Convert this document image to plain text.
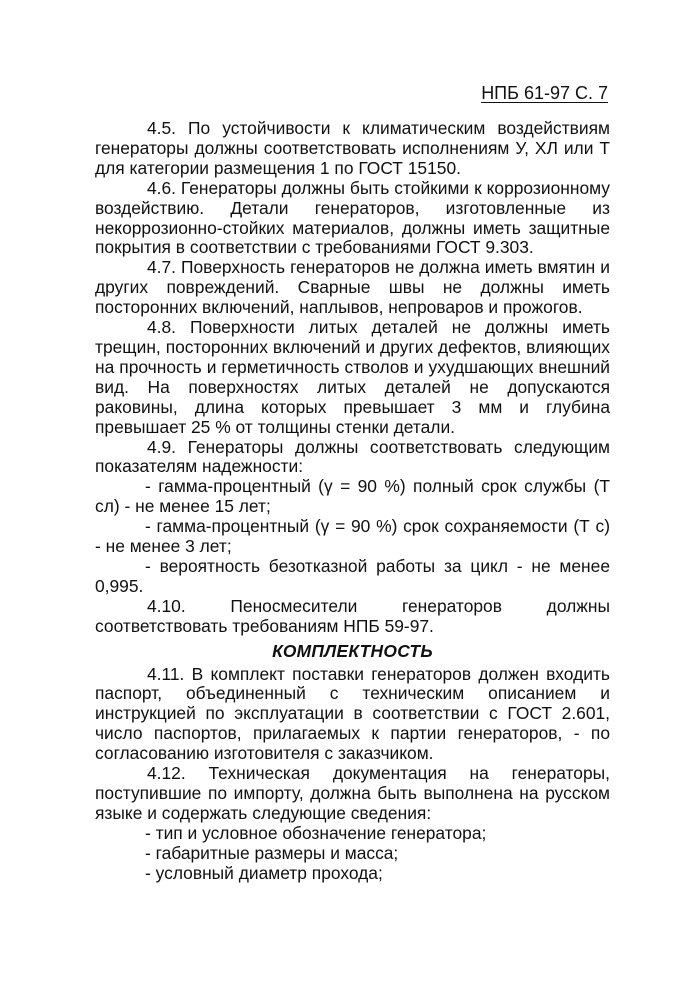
НПБ 61-97 С. 7

4.5. По устойчивости к климатическим воздействиям генераторы должны соответствовать исполнениям У, ХЛ или Т для категории размещения 1 по ГОСТ 15150.

4.6. Генераторы должны быть стойкими к коррозионному воздействию. Детали генераторов, изготовленные из некоррозионно-стойких материалов, должны иметь защитные покрытия в соответствии с требованиями ГОСТ 9.303.

4.7. Поверхность генераторов не должна иметь вмятин и других повреждений. Сварные швы не должны иметь посторонних включений, наплывов, непроваров и прожогов.

4.8. Поверхности литых деталей не должны иметь трещин, посторонних включений и других дефектов, влияющих на прочность и герметичность стволов и ухудшающих внешний вид. На поверхностях литых деталей не допускаются раковины, длина которых превышает 3 мм и глубина превышает 25 % от толщины стенки детали.

4.9. Генераторы должны соответствовать следующим показателям надежности:

- гамма-процентный (γ = 90 %) полный срок службы (Т сл) - не менее 15 лет;

- гамма-процентный (γ = 90 %) срок сохраняемости (Т с) - не менее 3 лет;

- вероятность безотказной работы за цикл - не менее 0,995.

4.10. Пеносмесители генераторов должны соответствовать требованиям НПБ 59-97.

КОМПЛЕКТНОСТЬ

4.11. В комплект поставки генераторов должен входить паспорт, объединенный с техническим описанием и инструкцией по эксплуатации в соответствии с ГОСТ 2.601, число паспортов, прилагаемых к партии генераторов, - по согласованию изготовителя с заказчиком.

4.12. Техническая документация на генераторы, поступившие по импорту, должна быть выполнена на русском языке и содержать следующие сведения:

- тип и условное обозначение генератора;
- габаритные размеры и масса;
- условный диаметр прохода;
